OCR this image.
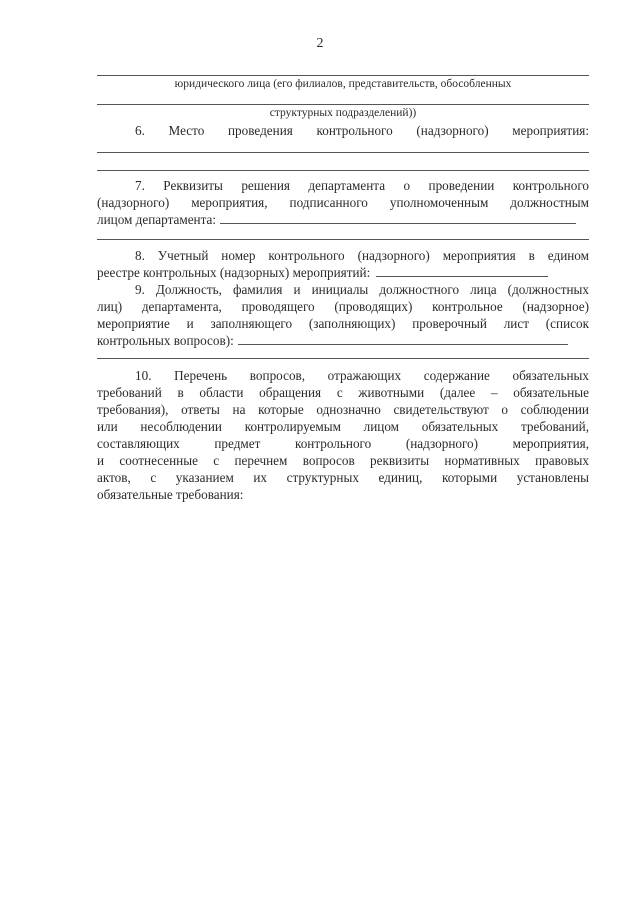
2
юридического лица (его филиалов, представительств, обособленных
структурных подразделений))
6. Место проведения контрольного (надзорного) мероприятия:
7. Реквизиты решения департамента о проведении контрольного
(надзорного) мероприятия, подписанного уполномоченным должностным
лицом департамента:
8. Учетный номер контрольного (надзорного) мероприятия в едином
реестре контрольных (надзорных) мероприятий:
9. Должность, фамилия и инициалы должностного лица (должностных
лиц) департамента, проводящего (проводящих) контрольное (надзорное)
мероприятие и заполняющего (заполняющих) проверочный лист (список
контрольных вопросов):
10. Перечень вопросов, отражающих содержание обязательных
требований в области обращения с животными (далее – обязательные
требования), ответы на которые однозначно свидетельствуют о соблюдении
или несоблюдении контролируемым лицом обязательных требований,
составляющих предмет контрольного (надзорного) мероприятия,
и соотнесенные с перечнем вопросов реквизиты нормативных правовых
актов, с указанием их структурных единиц, которыми установлены
обязательные требования:
